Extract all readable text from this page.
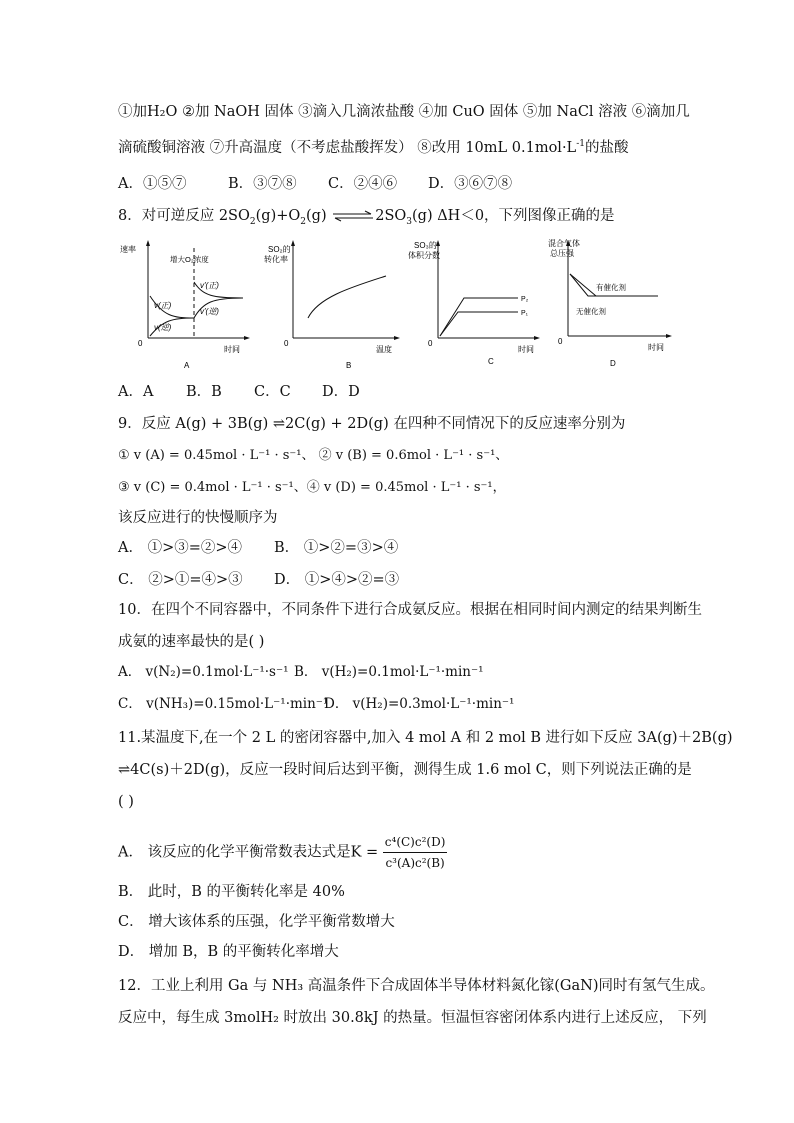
①加H₂O ②加 NaOH 固体 ③滴入几滴浓盐酸 ④加 CuO 固体 ⑤加 NaCl 溶液 ⑥滴加几
滴硫酸铜溶液 ⑦升高温度（不考虑盐酸挥发） ⑧改用 10mL $0.1mol\cdot L^{-1}$的盐酸
A．①⑤⑦	B．③⑦⑧ C．②④⑥ D．③⑥⑦⑧
8．对可逆反应 $2SO_2(g)+O_2(g)$ $\rightleftharpoons 2SO_3(g)$ ΔH＜0，下列图像正确的是
速率
增大O₂浓度
v'(正)
v(正)
v(逆)
v'(逆)
0
时间
A
SO₂的
转化率
0
温度
B
SO₃的
体积分数
P₂
P₁
0
时间
C
混合气体
总压强
有催化剂
无催化剂
0
时间
D
A．A B．B C．C D．D
9．反应 A(g) + 3B(g) ⇌2C(g) + 2D(g) 在四种不同情况下的反应速率分别为
① v (A) = 0.45mol · L⁻¹ · s⁻¹、 ② v (B) = 0.6mol · L⁻¹ · s⁻¹、
③ v (C) = 0.4mol · L⁻¹ · s⁻¹、④ v (D) = 0.45mol · L⁻¹ · s⁻¹，
该反应进行的快慢顺序为
A． ①>③=②>④ B． ①>②=③>④
C． ②>①=④>③ D． ①>④>②=③
10．在四个不同容器中，不同条件下进行合成氨反应。根据在相同时间内测定的结果判断生
成氨的速率最快的是( )
A． v(N₂)=0.1mol·L⁻¹·s⁻¹ B． v(H₂)=0.1mol·L⁻¹·min⁻¹
C． v(NH₃)=0.15mol·L⁻¹·min⁻¹D． v(H₂)=0.3mol·L⁻¹·min⁻¹
11.某温度下,在一个 2 L 的密闭容器中,加入 4 mol A 和 2 mol B 进行如下反应 3A(g)＋2B(g)
⇌4C(s)＋2D(g)，反应一段时间后达到平衡，测得生成 1.6 mol C，则下列说法正确的是
( )
A． 该反应的化学平衡常数表达式是$K = \frac{\text{c⁴(C)c²(D)}}{\text{c³(A)c²(B)}}$
B． 此时，B 的平衡转化率是 40%
C． 增大该体系的压强，化学平衡常数增大
D． 增加 B，B 的平衡转化率增大
12．工业上利用 Ga 与 NH₃ 高温条件下合成固体半导体材料氮化镓(GaN)同时有氢气生成。
反应中，每生成 3molH₂ 时放出 30.8kJ 的热量。恒温恒容密闭体系内进行上述反应， 下列
